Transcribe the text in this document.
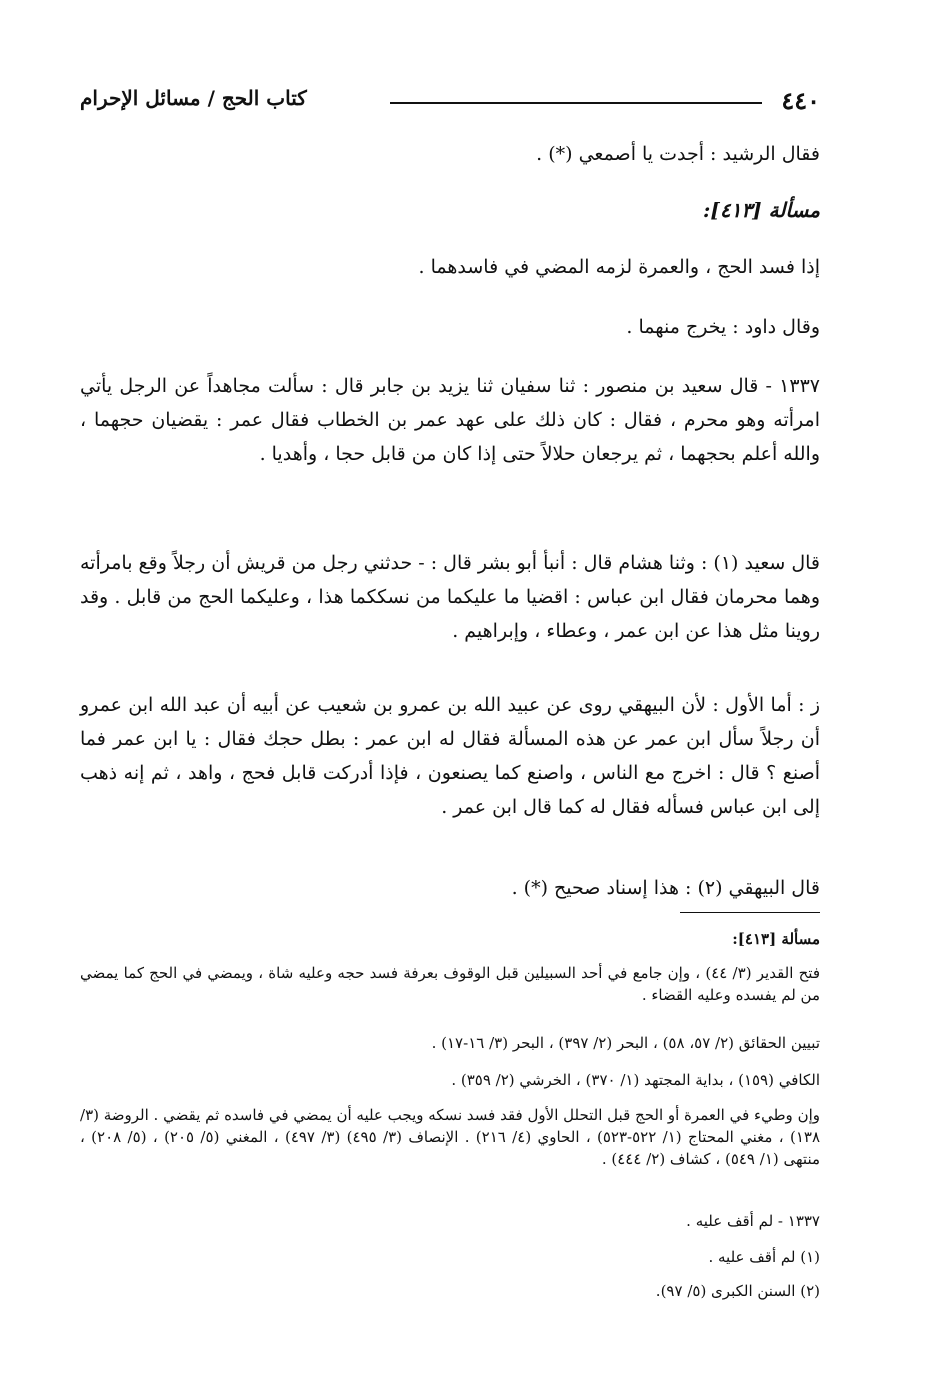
٤٤٠
كتاب الحج / مسائل الإحرام
فقال الرشيد : أجدت يا أصمعي (*) .
مسألة [٤١٣]:
إذا فسد الحج ، والعمرة لزمه المضي في فاسدهما .
وقال داود : يخرج منهما .
١٣٣٧ - قال سعيد بن منصور : ثنا سفيان ثنا يزيد بن جابر قال : سألت مجاهداً عن الرجل يأتي امرأته وهو محرم ، فقال : كان ذلك على عهد عمر بن الخطاب فقال عمر : يقضيان حجهما ، والله أعلم بحجهما ، ثم يرجعان حلالاً حتى إذا كان من قابل حجا ، وأهديا .
قال سعيد (١) : وثنا هشام قال : أنبأ أبو بشر قال : - حدثني رجل من قريش أن رجلاً وقع بامرأته وهما محرمان فقال ابن عباس : اقضيا ما عليكما من نسككما هذا ، وعليكما الحج من قابل . وقد روينا مثل هذا عن ابن عمر ، وعطاء ، وإبراهيم .
ز : أما الأول : لأن البيهقي روى عن عبيد الله بن عمرو بن شعيب عن أبيه أن عبد الله ابن عمرو أن رجلاً سأل ابن عمر عن هذه المسألة فقال له ابن عمر : بطل حجك فقال : يا ابن عمر فما أصنع ؟ قال : اخرج مع الناس ، واصنع كما يصنعون ، فإذا أدركت قابل فحج ، واهد ، ثم إنه ذهب إلى ابن عباس فسأله فقال له كما قال ابن عمر .
قال البيهقي (٢) : هذا إسناد صحيح (*) .
مسألة [٤١٣]:
فتح القدير (٣/ ٤٤) ، وإن جامع في أحد السبيلين قبل الوقوف بعرفة فسد حجه وعليه شاة ، ويمضي في الحج كما يمضي من لم يفسده وعليه القضاء .
تبيين الحقائق (٢/ ٥٧، ٥٨) ، البحر (٢/ ٣٩٧) ، البحر (٣/ ١٦-١٧) .
الكافي (١٥٩) ، بداية المجتهد (١/ ٣٧٠) ، الخرشي (٢/ ٣٥٩) .
وإن وطيء في العمرة أو الحج قبل التحلل الأول فقد فسد نسكه ويجب عليه أن يمضي في فاسده ثم يقضي . الروضة (٣/ ١٣٨) ، مغني المحتاج (١/ ٥٢٢-٥٢٣) ، الحاوي (٤/ ٢١٦) . الإنصاف (٣/ ٤٩٥) (٣/ ٤٩٧) ، المغني (٥/ ٢٠٥) ، (٥/ ٢٠٨) ، منتهى (١/ ٥٤٩) ، كشاف (٢/ ٤٤٤) .
١٣٣٧ - لم أقف عليه .
(١) لم أقف عليه .
(٢) السنن الكبرى (٥/ ٩٧).
